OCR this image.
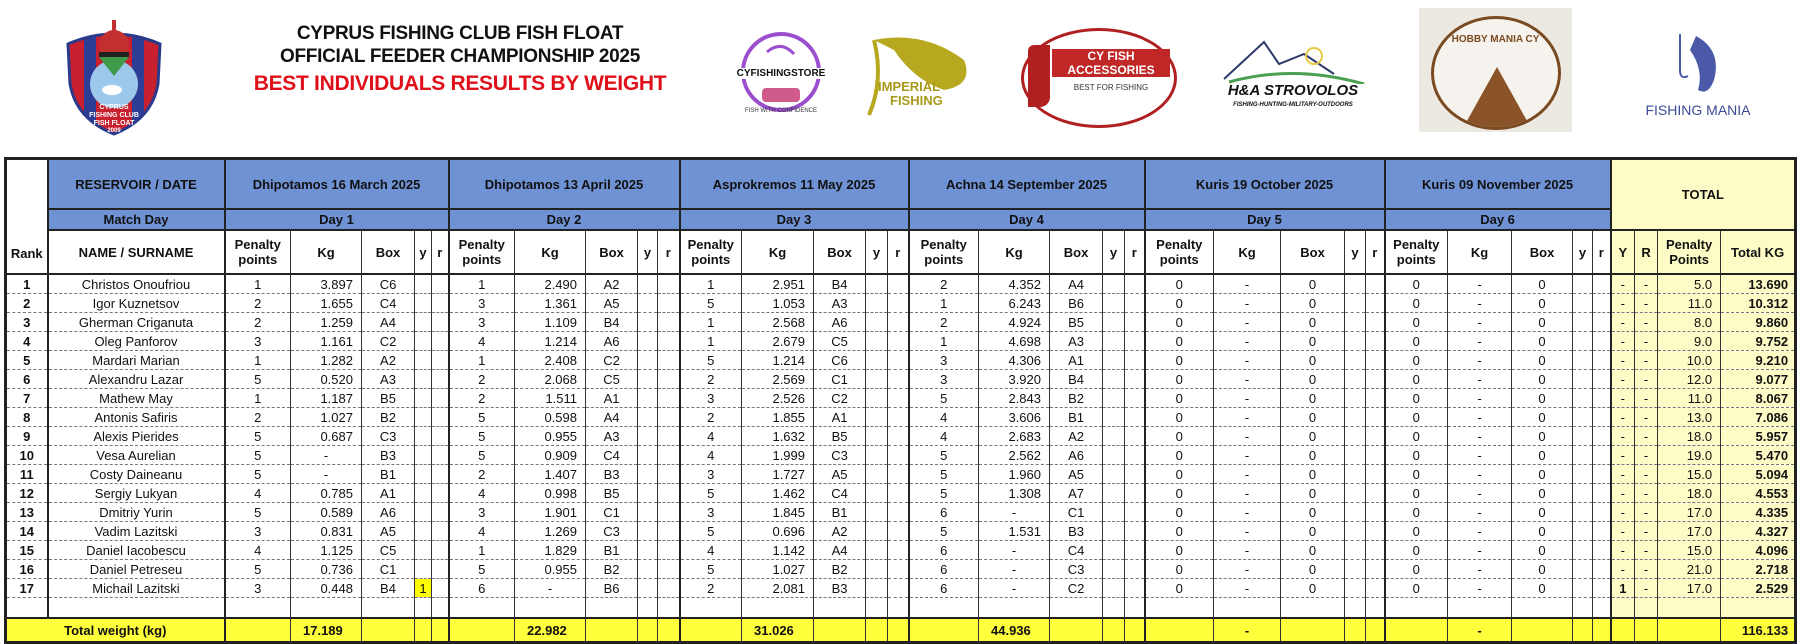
CYPRUS FISHING CLUB FISH FLOAT
OFFICIAL FEEDER CHAMPIONSHIP 2025
BEST INDIVIDUALS RESULTS BY WEIGHT
CYPRUS
FISHING CLUB
FISH FLOAT
2009
CYFISHINGSTORE
FISH WITH CONFIDENCE
IMPERIAL
FISHING
CY FISH
ACCESSORIES
BEST FOR FISHING	H&A STROVOLOS
FISHING-HUNTING-MILITARY-OUTDOORS
HOBBY MANIA CY
FISHING MANIA
Rank	RESERVOIR / DATE	Dhipotamos 16 March 2025					Dhipotamos 13 April 2025					Asprokremos 11 May 2025					Achna 14 September 2025					Kuris 19 October 2025					Kuris 09 November 2025					TOTAL			
	Match Day	Day 1					Day 2					Day 3					Day 4					Day 5					Day 6								
	NAME / SURNAME	Penalty points	Kg	Box	y	r	Penalty points	Kg	Box	y	r	Penalty points	Kg	Box	y	r	Penalty points	Kg	Box	y	r	Penalty points	Kg	Box	y	r	Penalty points	Kg	Box	y	r	Y	R	Penalty Points	Total KG
1	Christos Onoufriou	1	3.897	C6			1	2.490	A2			1	2.951	B4			2	4.352	A4			0	-	0			0	-	0			-	-	5.0	13.690
2	Igor Kuznetsov	2	1.655	C4			3	1.361	A5			5	1.053	A3			1	6.243	B6			0	-	0			0	-	0			-	-	11.0	10.312
3	Gherman Criganuta	2	1.259	A4			3	1.109	B4			1	2.568	A6			2	4.924	B5			0	-	0			0	-	0			-	-	8.0	9.860
4	Oleg Panforov	3	1.161	C2			4	1.214	A6			1	2.679	C5			1	4.698	A3			0	-	0			0	-	0			-	-	9.0	9.752
5	Mardari Marian	1	1.282	A2			1	2.408	C2			5	1.214	C6			3	4.306	A1			0	-	0			0	-	0			-	-	10.0	9.210
6	Alexandru Lazar	5	0.520	A3			2	2.068	C5			2	2.569	C1			3	3.920	B4			0	-	0			0	-	0			-	-	12.0	9.077
7	Mathew May	1	1.187	B5			2	1.511	A1			3	2.526	C2			5	2.843	B2			0	-	0			0	-	0			-	-	11.0	8.067
8	Antonis Safiris	2	1.027	B2			5	0.598	A4			2	1.855	A1			4	3.606	B1			0	-	0			0	-	0			-	-	13.0	7.086
9	Alexis Pierides	5	0.687	C3			5	0.955	A3			4	1.632	B5			4	2.683	A2			0	-	0			0	-	0			-	-	18.0	5.957
10	Vesa Aurelian	5	-	B3			5	0.909	C4			4	1.999	C3			5	2.562	A6			0	-	0			0	-	0			-	-	19.0	5.470
11	Costy Daineanu	5	-	B1			2	1.407	B3			3	1.727	A5			5	1.960	A5			0	-	0			0	-	0			-	-	15.0	5.094
12	Sergiy Lukyan	4	0.785	A1			4	0.998	B5			5	1.462	C4			5	1.308	A7			0	-	0			0	-	0			-	-	18.0	4.553
13	Dmitriy Yurin	5	0.589	A6			3	1.901	C1			3	1.845	B1			6	-	C1			0	-	0			0	-	0			-	-	17.0	4.335
14	Vadim Lazitski	3	0.831	A5			4	1.269	C3			5	0.696	A2			5	1.531	B3			0	-	0			0	-	0			-	-	17.0	4.327
15	Daniel Iacobescu	4	1.125	C5			1	1.829	B1			4	1.142	A4			6	-	C4			0	-	0			0	-	0			-	-	15.0	4.096
16	Daniel Petreseu	5	0.736	C1			5	0.955	B2			5	1.027	B2			6	-	C3			0	-	0			0	-	0			-	-	21.0	2.718
17	Michail Lazitski	3	0.448	B4	1		6	-	B6			2	2.081	B3			6	-	C2			0	-	0			0	-	0			1	-	17.0	2.529

Total weight (kg)			17.189					22.982					31.026					44.936					-					-							116.133
